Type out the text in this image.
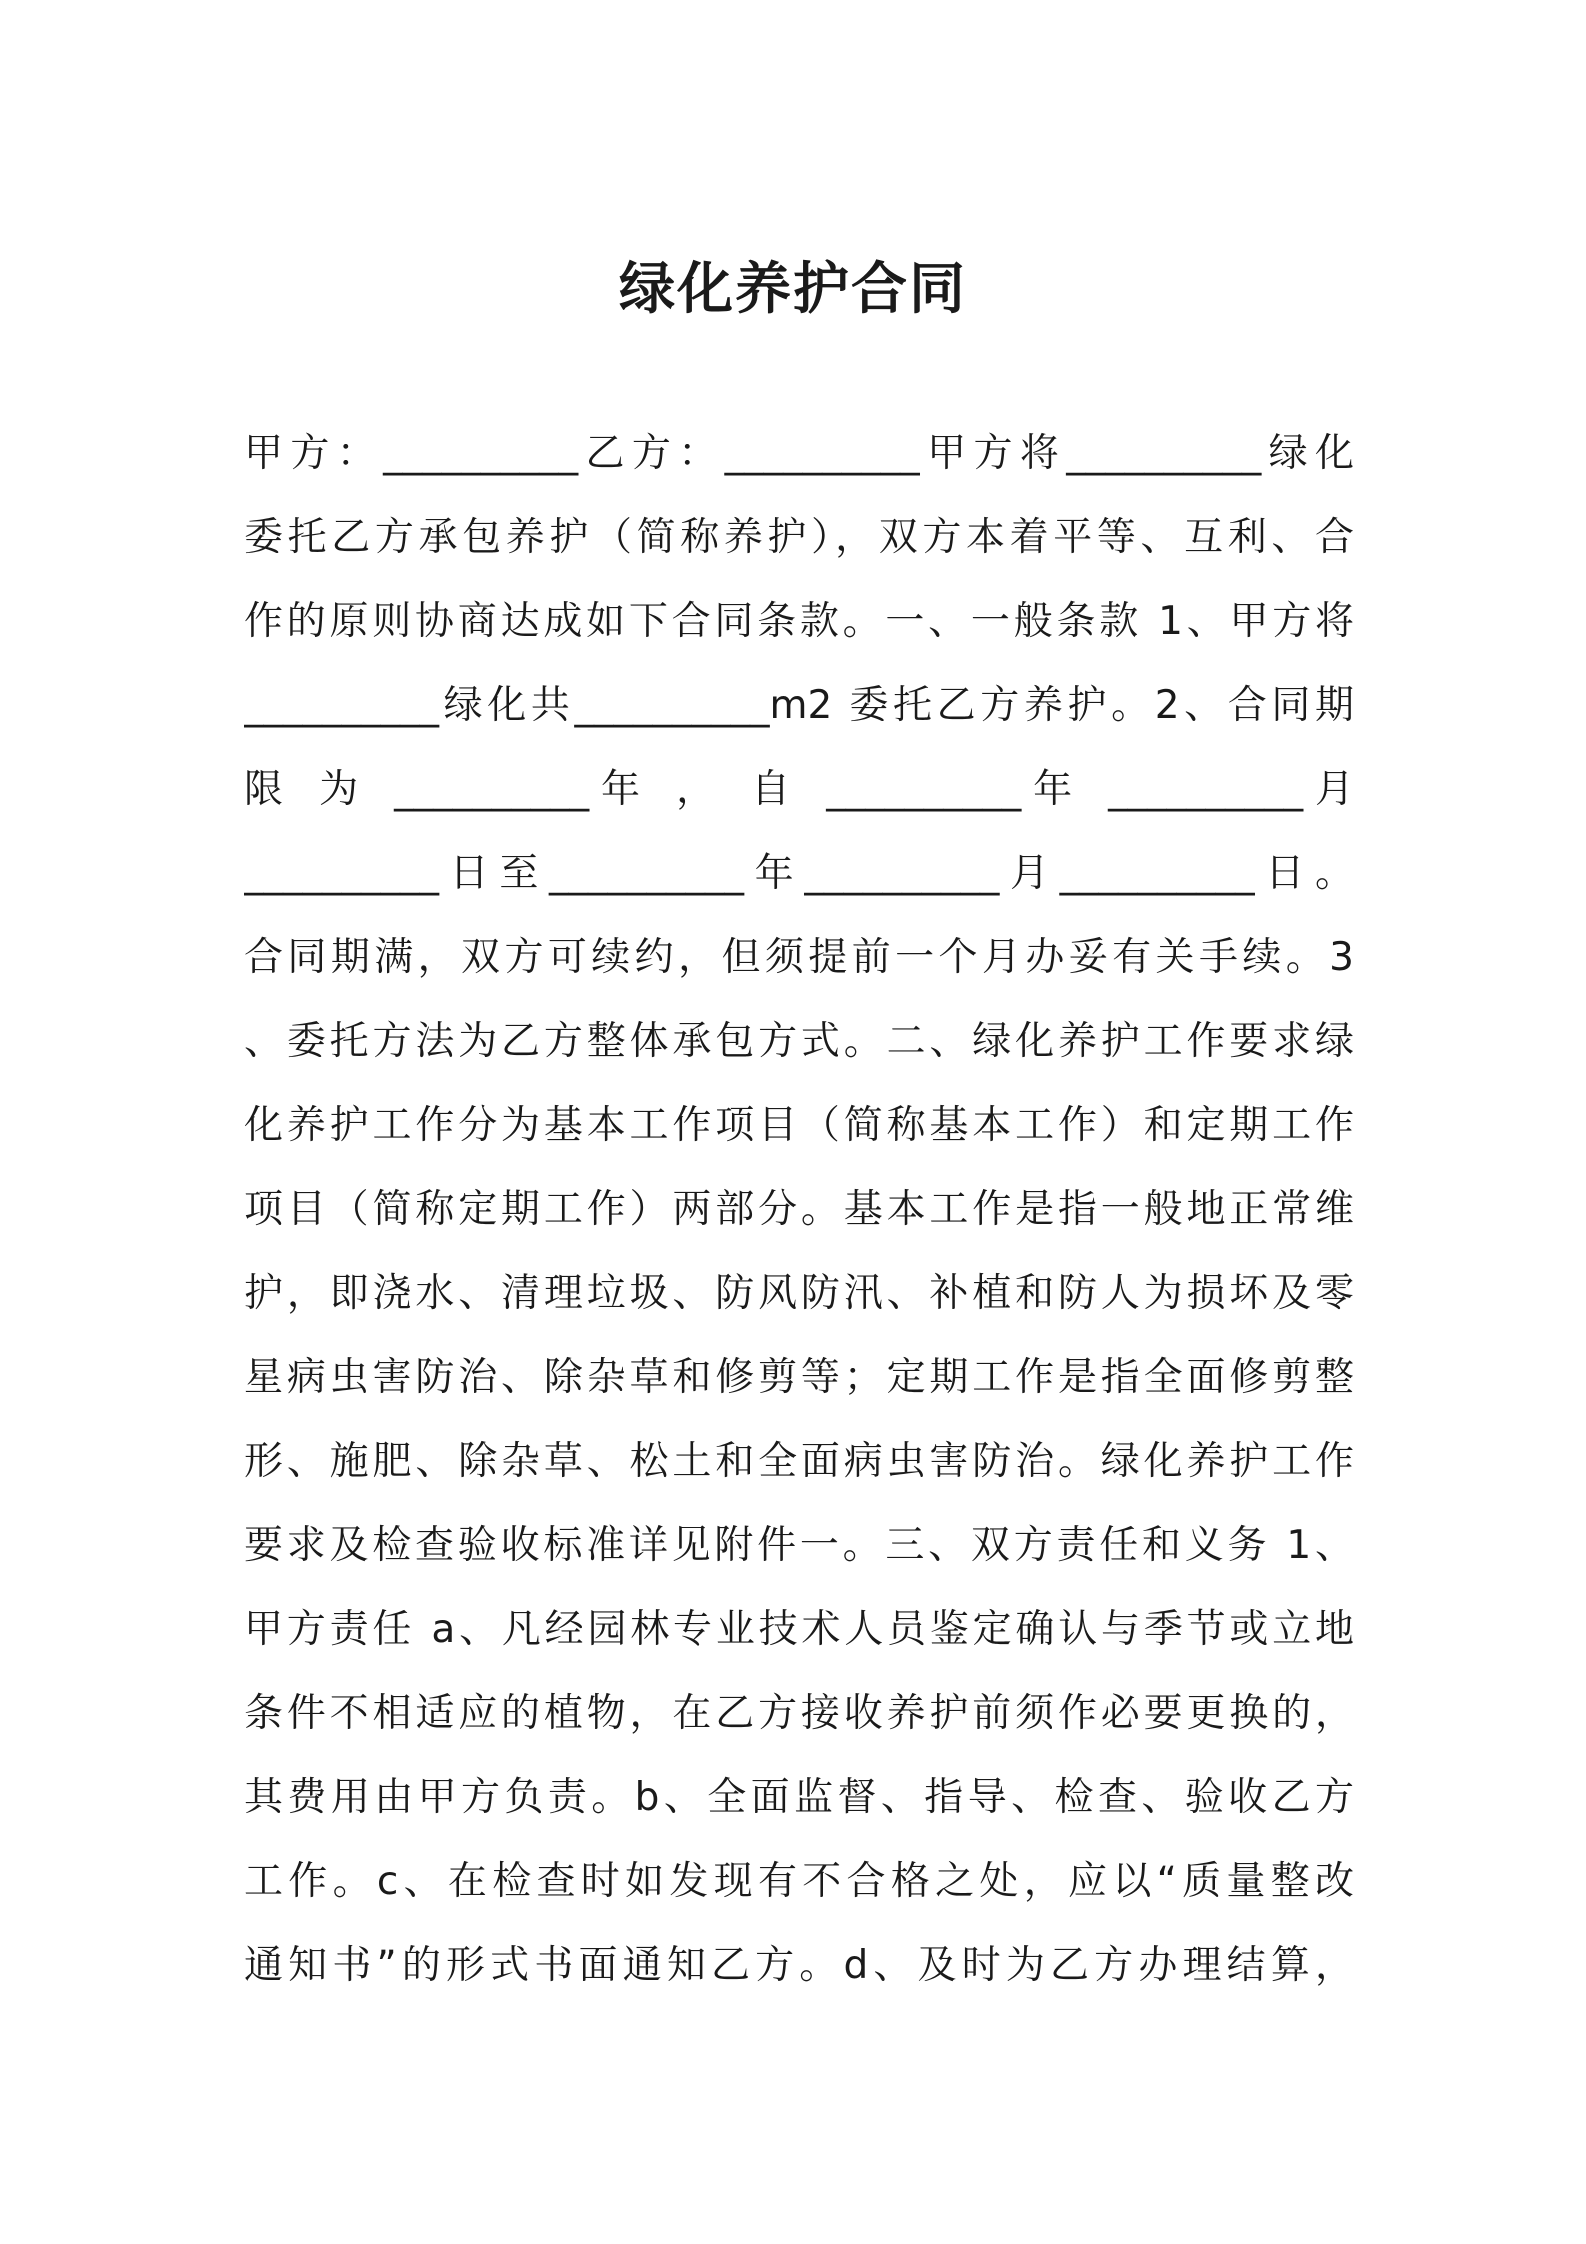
绿化养护合同
甲方：__________乙方：__________甲方将__________绿化
委托乙方承包养护（简称养护），双方本着平等、互利、合
作的原则协商达成如下合同条款。一、一般条款 1、甲方将
__________绿化共__________m2 委托乙方养护。2、合同期
限 为 __________年 ， 自 __________年 __________月
__________日至__________年__________月__________日。
合同期满，双方可续约，但须提前一个月办妥有关手续。3
、委托方法为乙方整体承包方式。二、绿化养护工作要求绿
化养护工作分为基本工作项目（简称基本工作）和定期工作
项目（简称定期工作）两部分。基本工作是指一般地正常维
护，即浇水、清理垃圾、防风防汛、补植和防人为损坏及零
星病虫害防治、除杂草和修剪等；定期工作是指全面修剪整
形、施肥、除杂草、松土和全面病虫害防治。绿化养护工作
要求及检查验收标准详见附件一。三、双方责任和义务 1、
甲方责任 a、凡经园林专业技术人员鉴定确认与季节或立地
条件不相适应的植物，在乙方接收养护前须作必要更换的，
其费用由甲方负责。b、全面监督、指导、检查、验收乙方
工作。c、在检查时如发现有不合格之处，应以“质量整改
通知书”的形式书面通知乙方。d、及时为乙方办理结算，
